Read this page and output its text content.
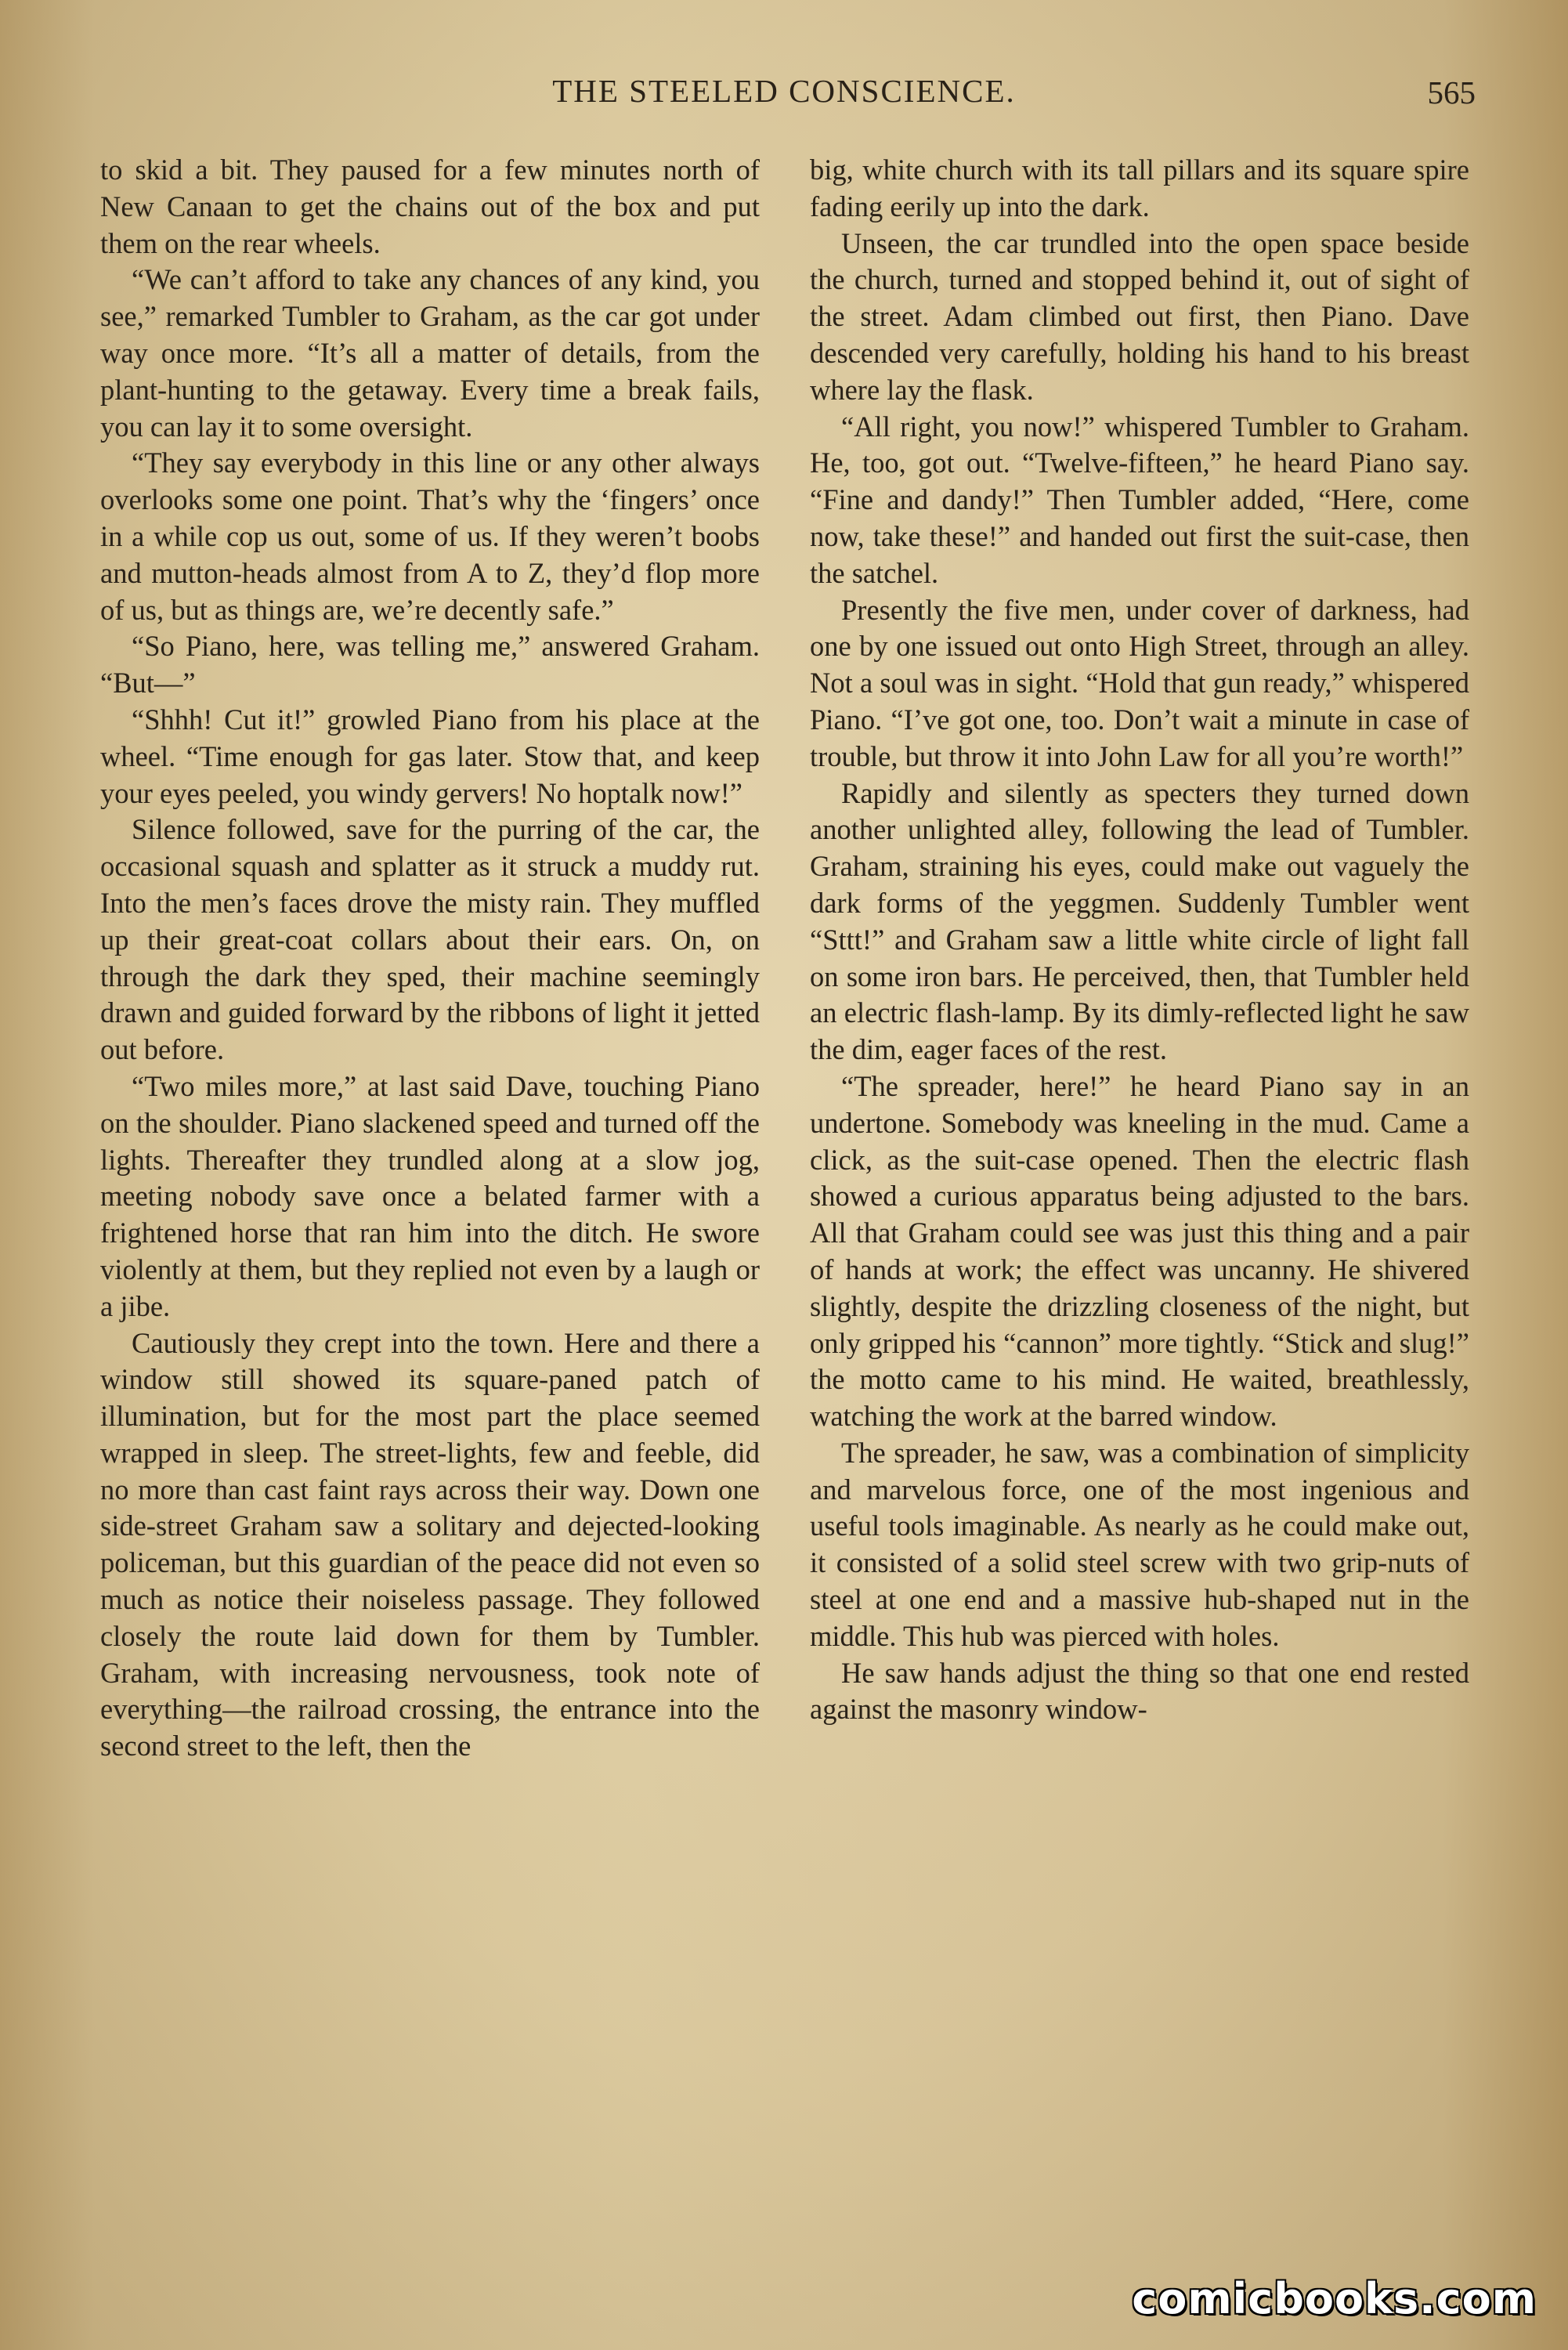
THE STEELED CONSCIENCE.	565

to skid a bit. They paused for a few minutes north of New Canaan to get the chains out of the box and put them on the rear wheels.

“We can’t afford to take any chances of any kind, you see,” remarked Tumbler to Graham, as the car got under way once more. “It’s all a matter of details, from the plant-hunting to the getaway. Every time a break fails, you can lay it to some oversight.

“They say everybody in this line or any other always overlooks some one point. That’s why the ‘fingers’ once in a while cop us out, some of us. If they weren’t boobs and mutton-heads almost from A to Z, they’d flop more of us, but as things are, we’re decently safe.”

“So Piano, here, was telling me,” answered Graham. “But—”

“Shhh! Cut it!” growled Piano from his place at the wheel. “Time enough for gas later. Stow that, and keep your eyes peeled, you windy gervers! No hoptalk now!”

Silence followed, save for the purring of the car, the occasional squash and splatter as it struck a muddy rut. Into the men’s faces drove the misty rain. They muffled up their great-coat collars about their ears. On, on through the dark they sped, their machine seemingly drawn and guided forward by the ribbons of light it jetted out before.

“Two miles more,” at last said Dave, touching Piano on the shoulder. Piano slackened speed and turned off the lights. Thereafter they trundled along at a slow jog, meeting nobody save once a belated farmer with a frightened horse that ran him into the ditch. He swore violently at them, but they replied not even by a laugh or a jibe.

Cautiously they crept into the town. Here and there a window still showed its square-paned patch of illumination, but for the most part the place seemed wrapped in sleep. The street-lights, few and feeble, did no more than cast faint rays across their way. Down one side-street Graham saw a solitary and dejected-looking policeman, but this guardian of the peace did not even so much as notice their noiseless passage. They followed closely the route laid down for them by Tumbler. Graham, with increasing nervousness, took note of everything—the railroad crossing, the entrance into the second street to the left, then the

big, white church with its tall pillars and its square spire fading eerily up into the dark.

Unseen, the car trundled into the open space beside the church, turned and stopped behind it, out of sight of the street. Adam climbed out first, then Piano. Dave descended very carefully, holding his hand to his breast where lay the flask.

“All right, you now!” whispered Tumbler to Graham. He, too, got out. “Twelve-fifteen,” he heard Piano say. “Fine and dandy!” Then Tumbler added, “Here, come now, take these!” and handed out first the suit-case, then the satchel.

Presently the five men, under cover of darkness, had one by one issued out onto High Street, through an alley. Not a soul was in sight. “Hold that gun ready,” whispered Piano. “I’ve got one, too. Don’t wait a minute in case of trouble, but throw it into John Law for all you’re worth!”

Rapidly and silently as specters they turned down another unlighted alley, following the lead of Tumbler. Graham, straining his eyes, could make out vaguely the dark forms of the yeggmen. Suddenly Tumbler went “Sttt!” and Graham saw a little white circle of light fall on some iron bars. He perceived, then, that Tumbler held an electric flash-lamp. By its dimly-reflected light he saw the dim, eager faces of the rest.

“The spreader, here!” he heard Piano say in an undertone. Somebody was kneeling in the mud. Came a click, as the suit-case opened. Then the electric flash showed a curious apparatus being adjusted to the bars. All that Graham could see was just this thing and a pair of hands at work; the effect was uncanny. He shivered slightly, despite the drizzling closeness of the night, but only gripped his “cannon” more tightly. “Stick and slug!” the motto came to his mind. He waited, breathlessly, watching the work at the barred window.

The spreader, he saw, was a combination of simplicity and marvelous force, one of the most ingenious and useful tools imaginable. As nearly as he could make out, it consisted of a solid steel screw with two grip-nuts of steel at one end and a massive hub-shaped nut in the middle. This hub was pierced with holes.

He saw hands adjust the thing so that one end rested against the masonry window-

comicbooks.com
